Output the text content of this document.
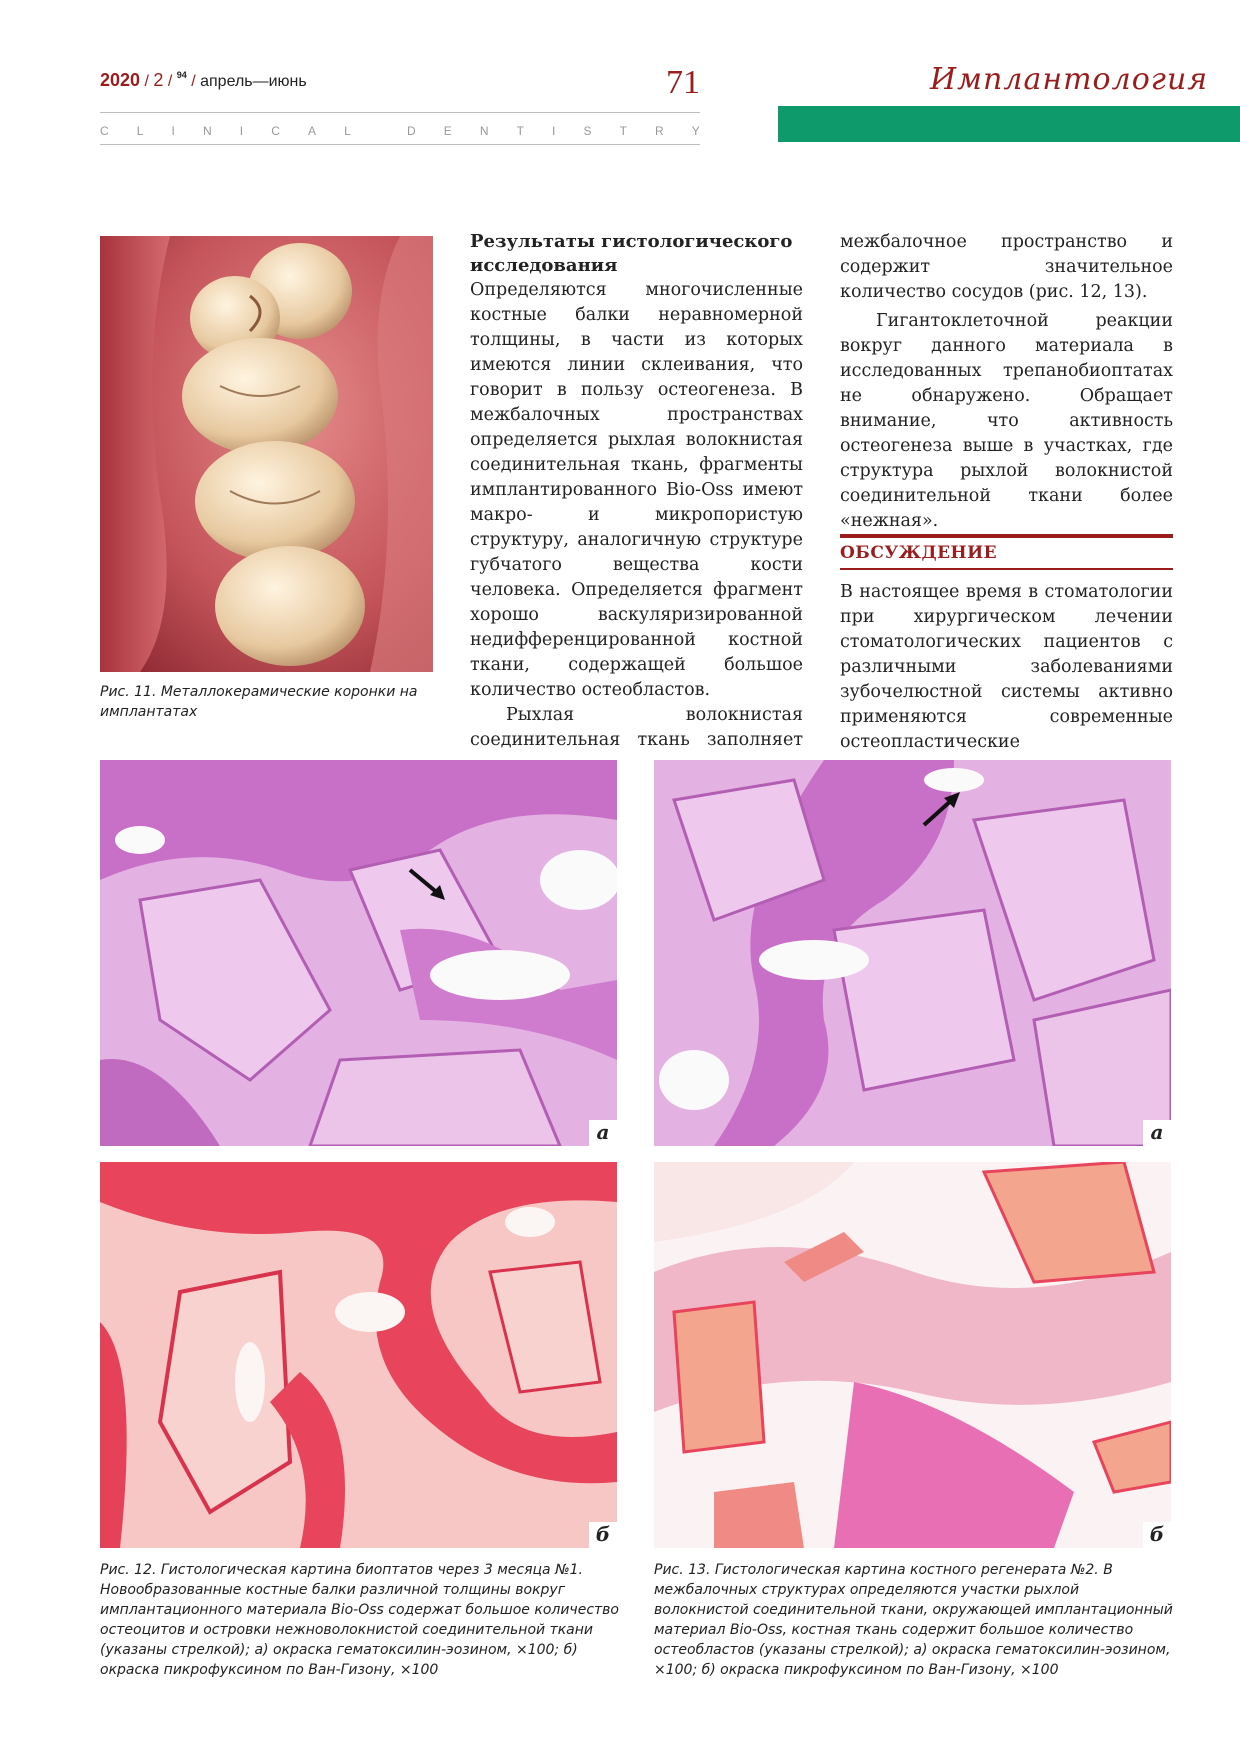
2020 / 2 / $^{94}$ / апрель—июнь	71
C L I N I C A L	D E N T I S T R Y
Имплантология
Рис. 11. Металлокерамические коронки на имплантатах

Результаты гистологического исследования

Определяются многочисленные костные балки неравномерной толщины, в части из которых имеются линии склеивания, что говорит в пользу остеогенеза. В межбалочных пространствах определяется рыхлая волокнистая соединительная ткань, фрагменты имплантированного Bio-Oss имеют макро- и микропористую структуру, аналогичную структуре губчатого вещества кости человека. Определяется фрагмент хорошо васкуляризированной недифференцированной костной ткани, содержащей большое количество остеобластов.

Рыхлая волокнистая соединительная ткань заполняет

межбалочное пространство и содержит значительное количество сосудов (рис. 12, 13).

Гигантоклеточной реакции вокруг данного материала в исследованных трепанобиоптатах не обнаружено. Обращает внимание, что активность остеогенеза выше в участках, где структура рыхлой волокнистой соединительной ткани более «нежная».

ОБСУЖДЕНИЕ

В настоящее время в стоматологии при хирургическом лечении стоматологических пациентов с различными заболеваниями зубочелюстной системы активно применяются современные остеопластические

а	а
б	б
Рис. 12. Гистологическая картина биоптатов через 3 месяца №1. Новообразованные костные балки различной толщины вокруг имплантационного материала Bio-Oss содержат большое количество остеоцитов и островки нежноволокнистой соединительной ткани (указаны стрелкой); а) окраска гематоксилин-эозином, ×100; б) окраска пикрофуксином по Ван-Гизону, ×100
Рис. 13. Гистологическая картина костного регенерата №2. В межбалочных структурах определяются участки рыхлой волокнистой соединительной ткани, окружающей имплантационный материал Bio-Oss, костная ткань содержит большое количество остеобластов (указаны стрелкой); а) окраска гематоксилин-эозином, ×100; б) окраска пикрофуксином по Ван-Гизону, ×100
